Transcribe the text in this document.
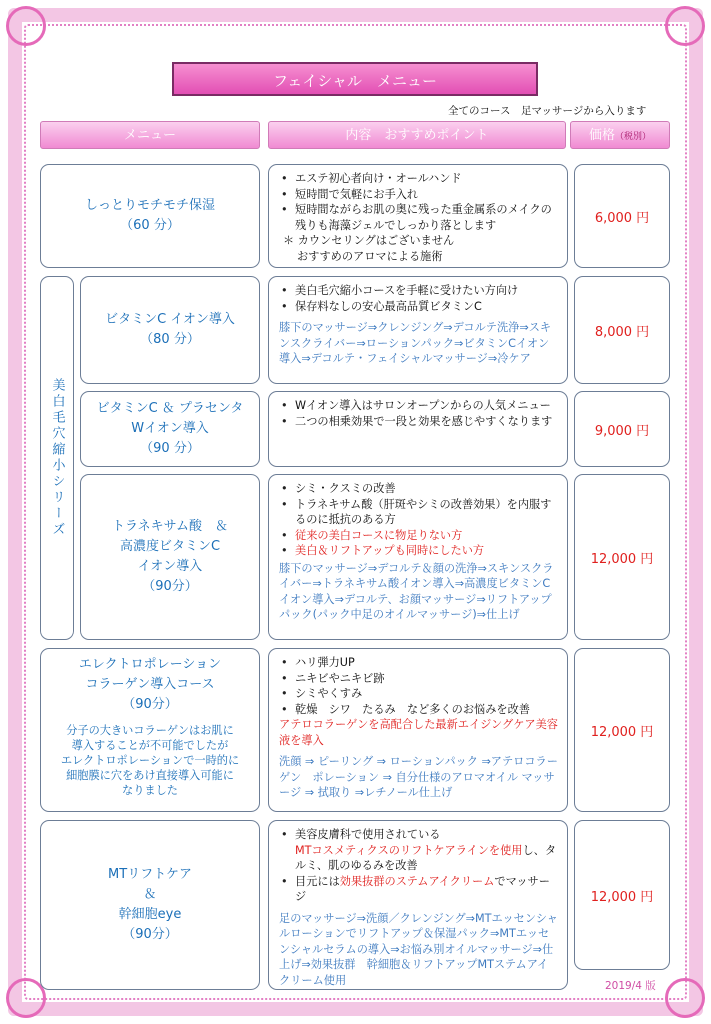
フェイシャル　メニュー
全てのコース　足マッサージから入ります
メニュー	内容　おすすめポイント	価格（税別）
しっとりモチモチ保湿
（60 分）
• エステ初心者向け・オールハンド
• 短時間で気軽にお手入れ
• 短時間ながらお肌の奥に残った重金属系のメイクの残りも海藻ジェルでしっかり落とします
＊ カウンセリングはございません
おすすめのアロマによる施術
6,000 円
美白毛穴縮小シリーズ
ビタミンC イオン導入
（80 分）
• 美白毛穴縮小コースを手軽に受けたい方向け
• 保存料なしの安心最高品質ビタミンC
膝下のマッサージ⇒クレンジング⇒デコルテ洗浄⇒スキンスクライバー⇒ローションパック⇒ビタミンCイオン導入⇒デコルテ・フェイシャルマッサージ⇒冷ケア
8,000 円
ビタミンC ＆ プラセンタ
Wイオン導入
（90 分）
• Wイオン導入はサロンオープンからの人気メニュー
• 二つの相乗効果で一段と効果を感じやすくなります
9,000 円
トラネキサム酸　＆
高濃度ビタミンC
イオン導入
（90分）
• シミ・クスミの改善
• トラネキサム酸（肝斑やシミの改善効果）を内服するのに抵抗のある方
• 従来の美白コースに物足りない方
• 美白＆リフトアップも同時にしたい方
膝下のマッサージ⇒デコルテ＆顔の洗浄⇒スキンスクライバー⇒トラネキサム酸イオン導入⇒高濃度ビタミンCイオン導入⇒デコルテ、お顔マッサージ⇒リフトアップパック(パック中足のオイルマッサージ)⇒仕上げ
12,000 円
エレクトロポレーション
コラーゲン導入コース
（90分）
分子の大きいコラーゲンはお肌に
導入することが不可能でしたが
エレクトロポレーションで一時的に
細胞膜に穴をあけ直接導入可能に
なりました
• ハリ弾力UP
• ニキビやニキビ跡
• シミやくすみ
• 乾燥　シワ　たるみ　など多くのお悩みを改善
アテロコラーゲンを高配合した最新エイジングケア美容液を導入
洗顔 ⇒ ピーリング ⇒ ローションパック ⇒アテロコラーゲン　ポレーション ⇒ 自分仕様のアロマオイル マッサージ ⇒ 拭取り ⇒レチノール仕上げ
12,000 円
MTリフトケア
＆
幹細胞eye
（90分）
• 美容皮膚科で使用されている
MTコスメティクスのリフトケアラインを使用し、タルミ、肌のゆるみを改善
• 目元には効果抜群のステムアイクリームでマッサージ
足のマッサージ⇒洗顔／クレンジング⇒MTエッセンシャルローションでリフトアップ＆保湿パック⇒MTエッセンシャルセラムの導入⇒お悩み別オイルマッサージ⇒仕上げ⇒効果抜群　幹細胞＆リフトアップMTステムアイクリーム使用
12,000 円
2019/4 版
